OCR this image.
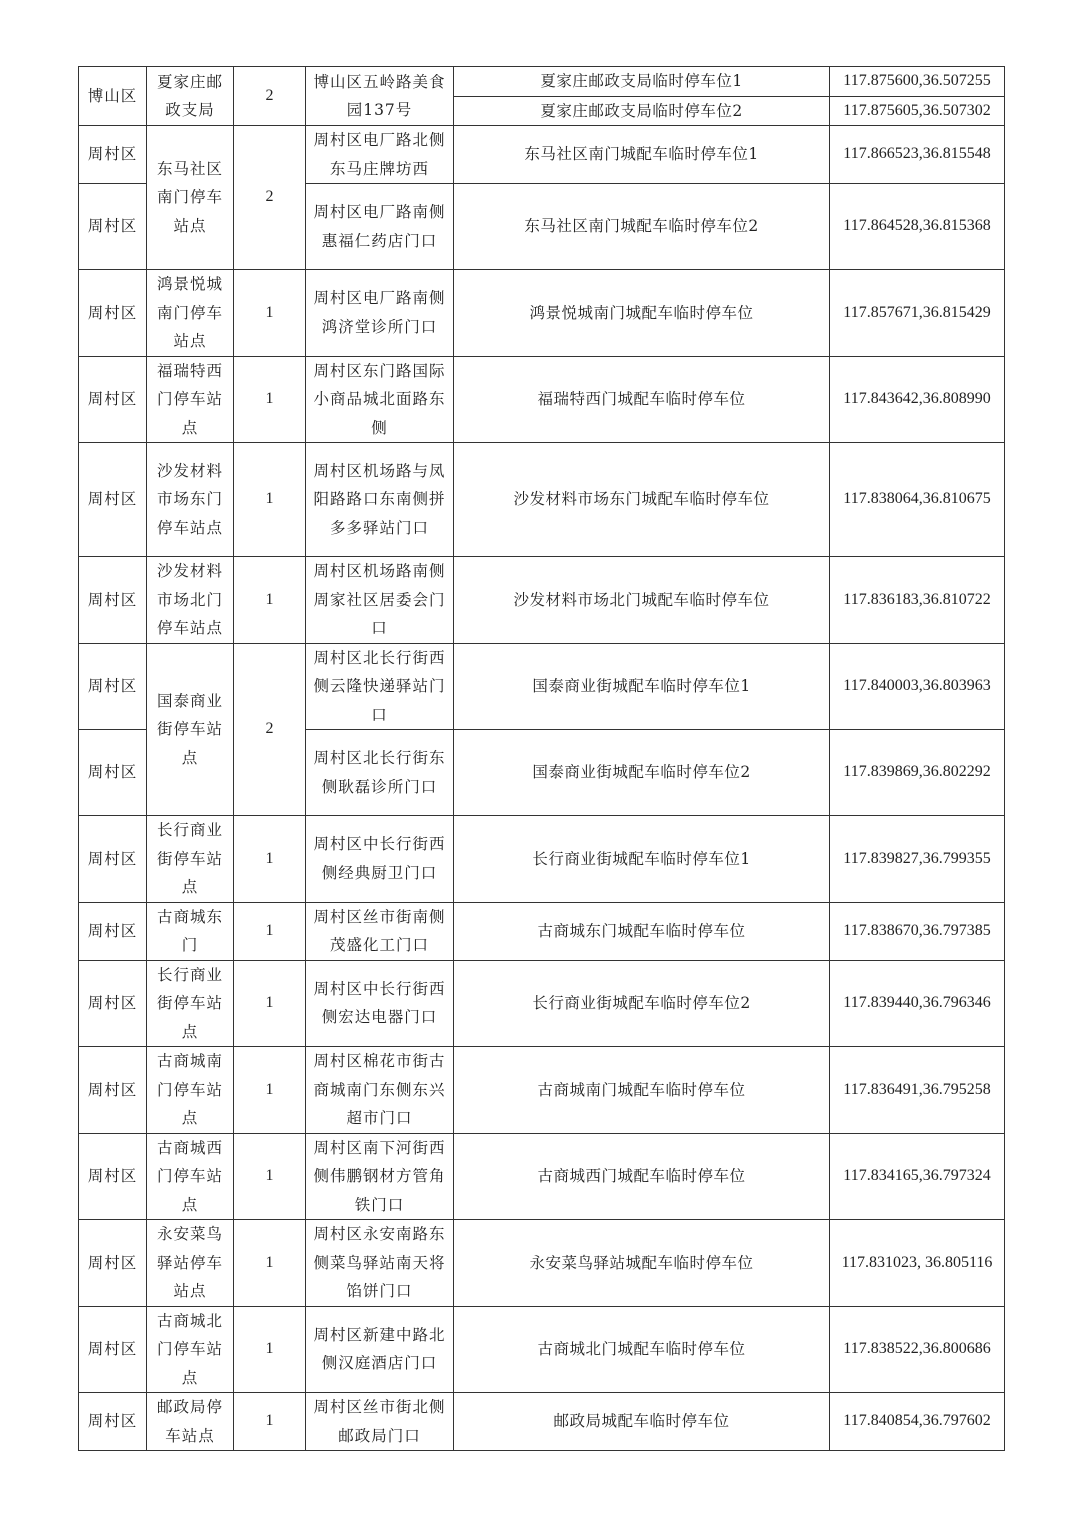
博山区	夏家庄邮政支局	2	博山区五岭路美食园137号	夏家庄邮政支局临时停车位1	117.875600,36.507255
				夏家庄邮政支局临时停车位2	117.875605,36.507302
周村区	东马社区南门停车站点	2	周村区电厂路北侧东马庄牌坊西	东马社区南门城配车临时停车位1	117.866523,36.815548
周村区			周村区电厂路南侧惠福仁药店门口	东马社区南门城配车临时停车位2	117.864528,36.815368
周村区	鸿景悦城南门停车站点	1	周村区电厂路南侧鸿济堂诊所门口	鸿景悦城南门城配车临时停车位	117.857671,36.815429
周村区	福瑞特西门停车站点	1	周村区东门路国际小商品城北面路东侧	福瑞特西门城配车临时停车位	117.843642,36.808990
周村区	沙发材料市场东门停车站点	1	周村区机场路与凤阳路路口东南侧拼多多驿站门口	沙发材料市场东门城配车临时停车位	117.838064,36.810675
周村区	沙发材料市场北门停车站点	1	周村区机场路南侧周家社区居委会门口	沙发材料市场北门城配车临时停车位	117.836183,36.810722
周村区	国泰商业街停车站点	2	周村区北长行街西侧云隆快递驿站门口	国泰商业街城配车临时停车位1	117.840003,36.803963
周村区			周村区北长行街东侧耿磊诊所门口	国泰商业街城配车临时停车位2	117.839869,36.802292
周村区	长行商业街停车站点	1	周村区中长行街西侧经典厨卫门口	长行商业街城配车临时停车位1	117.839827,36.799355
周村区	古商城东门	1	周村区丝市街南侧茂盛化工门口	古商城东门城配车临时停车位	117.838670,36.797385
周村区	长行商业街停车站点	1	周村区中长行街西侧宏达电器门口	长行商业街城配车临时停车位2	117.839440,36.796346
周村区	古商城南门停车站点	1	周村区棉花市街古商城南门东侧东兴超市门口	古商城南门城配车临时停车位	117.836491,36.795258
周村区	古商城西门停车站点	1	周村区南下河街西侧伟鹏钢材方管角铁门口	古商城西门城配车临时停车位	117.834165,36.797324
周村区	永安菜鸟驿站停车站点	1	周村区永安南路东侧菜鸟驿站南天将馅饼门口	永安菜鸟驿站城配车临时停车位	117.831023, 36.805116
周村区	古商城北门停车站点	1	周村区新建中路北侧汉庭酒店门口	古商城北门城配车临时停车位	117.838522,36.800686
周村区	邮政局停车站点	1	周村区丝市街北侧邮政局门口	邮政局城配车临时停车位	117.840854,36.797602
